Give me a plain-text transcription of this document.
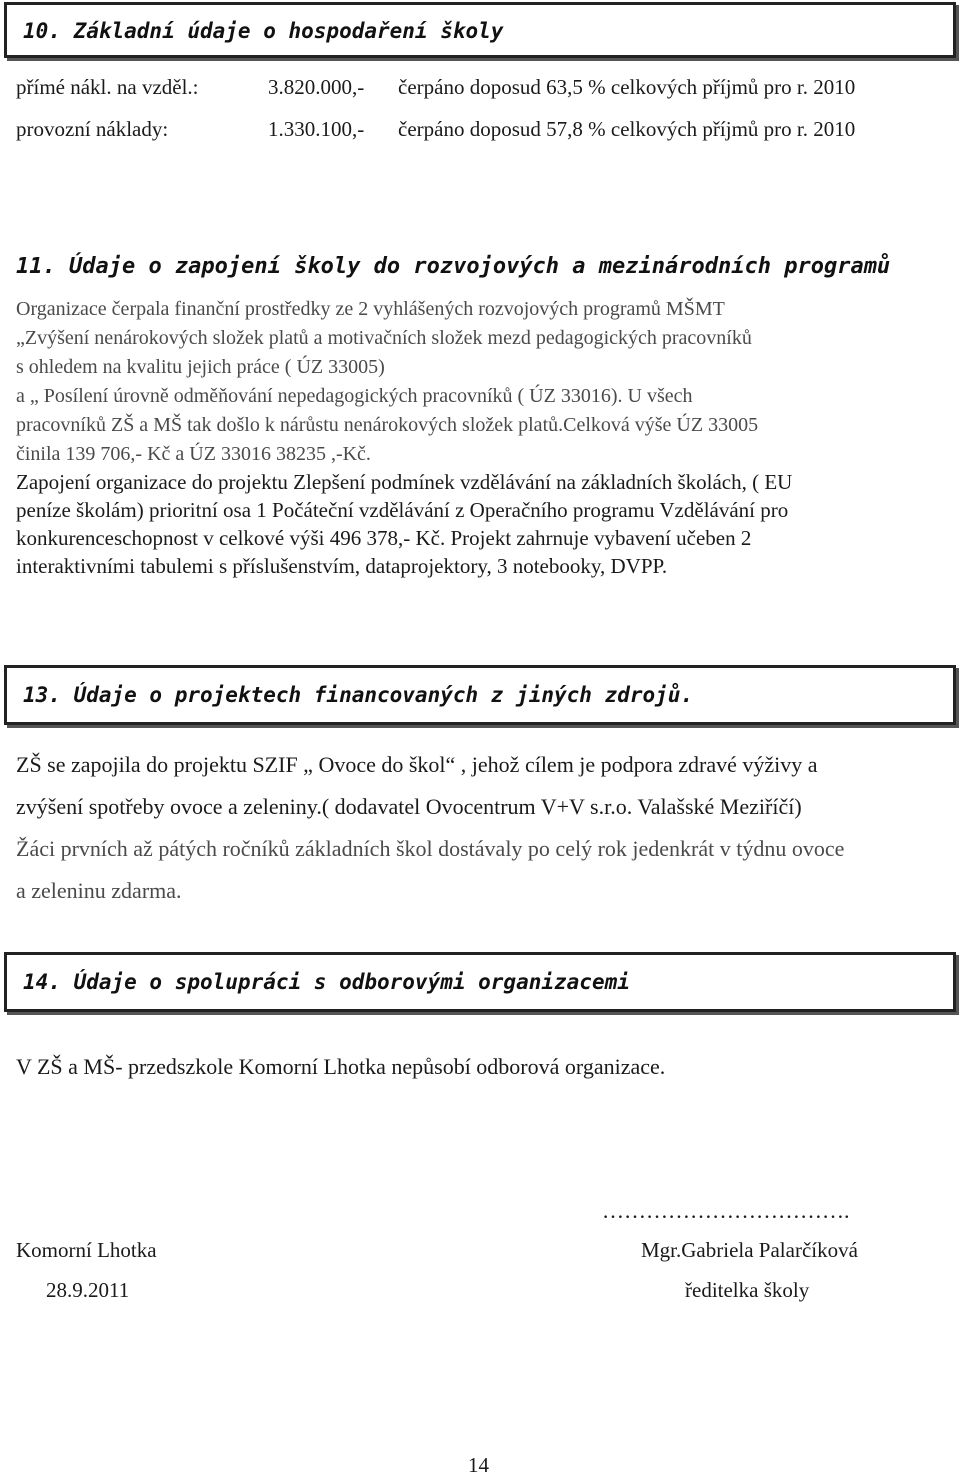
10. Základní údaje o hospodaření školy
přímé nákl. na vzděl.:	3.820.000,- čerpáno doposud 63,5 % celkových příjmů pro r. 2010
provozní náklady:	1.330.100,- čerpáno doposud 57,8 % celkových příjmů pro r. 2010
11. Údaje o zapojení školy do rozvojových a mezinárodních programů
Organizace čerpala finanční prostředky ze 2 vyhlášených rozvojových programů MŠMT
„Zvýšení nenárokových složek platů a motivačních složek mezd pedagogických pracovníků
s ohledem na kvalitu jejich práce ( ÚZ 33005)
a „ Posílení úrovně odměňování nepedagogických pracovníků ( ÚZ 33016). U všech
pracovníků ZŠ a MŠ tak došlo k nárůstu nenárokových složek platů.Celková výše ÚZ 33005
činila 139 706,- Kč a ÚZ 33016 38235 ,-Kč.
Zapojení organizace do projektu Zlepšení podmínek vzdělávání na základních školách, ( EU
peníze školám) prioritní osa 1 Počáteční vzdělávání z Operačního programu Vzdělávání pro
konkurenceschopnost v celkové výši 496 378,- Kč. Projekt zahrnuje vybavení učeben 2
interaktivními tabulemi s příslušenstvím, dataprojektory, 3 notebooky, DVPP.
13. Údaje o projektech financovaných z jiných zdrojů.
ZŠ se zapojila do projektu SZIF „ Ovoce do škol“ , jehož cílem je podpora zdravé výživy a
zvýšení spotřeby ovoce a zeleniny.( dodavatel Ovocentrum V+V s.r.o. Valašské Meziříčí)
Žáci prvních až pátých ročníků základních škol dostávaly po celý rok jedenkrát v týdnu ovoce
a zeleninu zdarma.
14. Údaje o spolupráci s odborovými organizacemi
V ZŠ a MŠ- przedszkole Komorní Lhotka nepůsobí odborová organizace.
…………………………….
Komorní Lhotka	Mgr.Gabriela Palarčíková
28.9.2011	ředitelka školy
14
